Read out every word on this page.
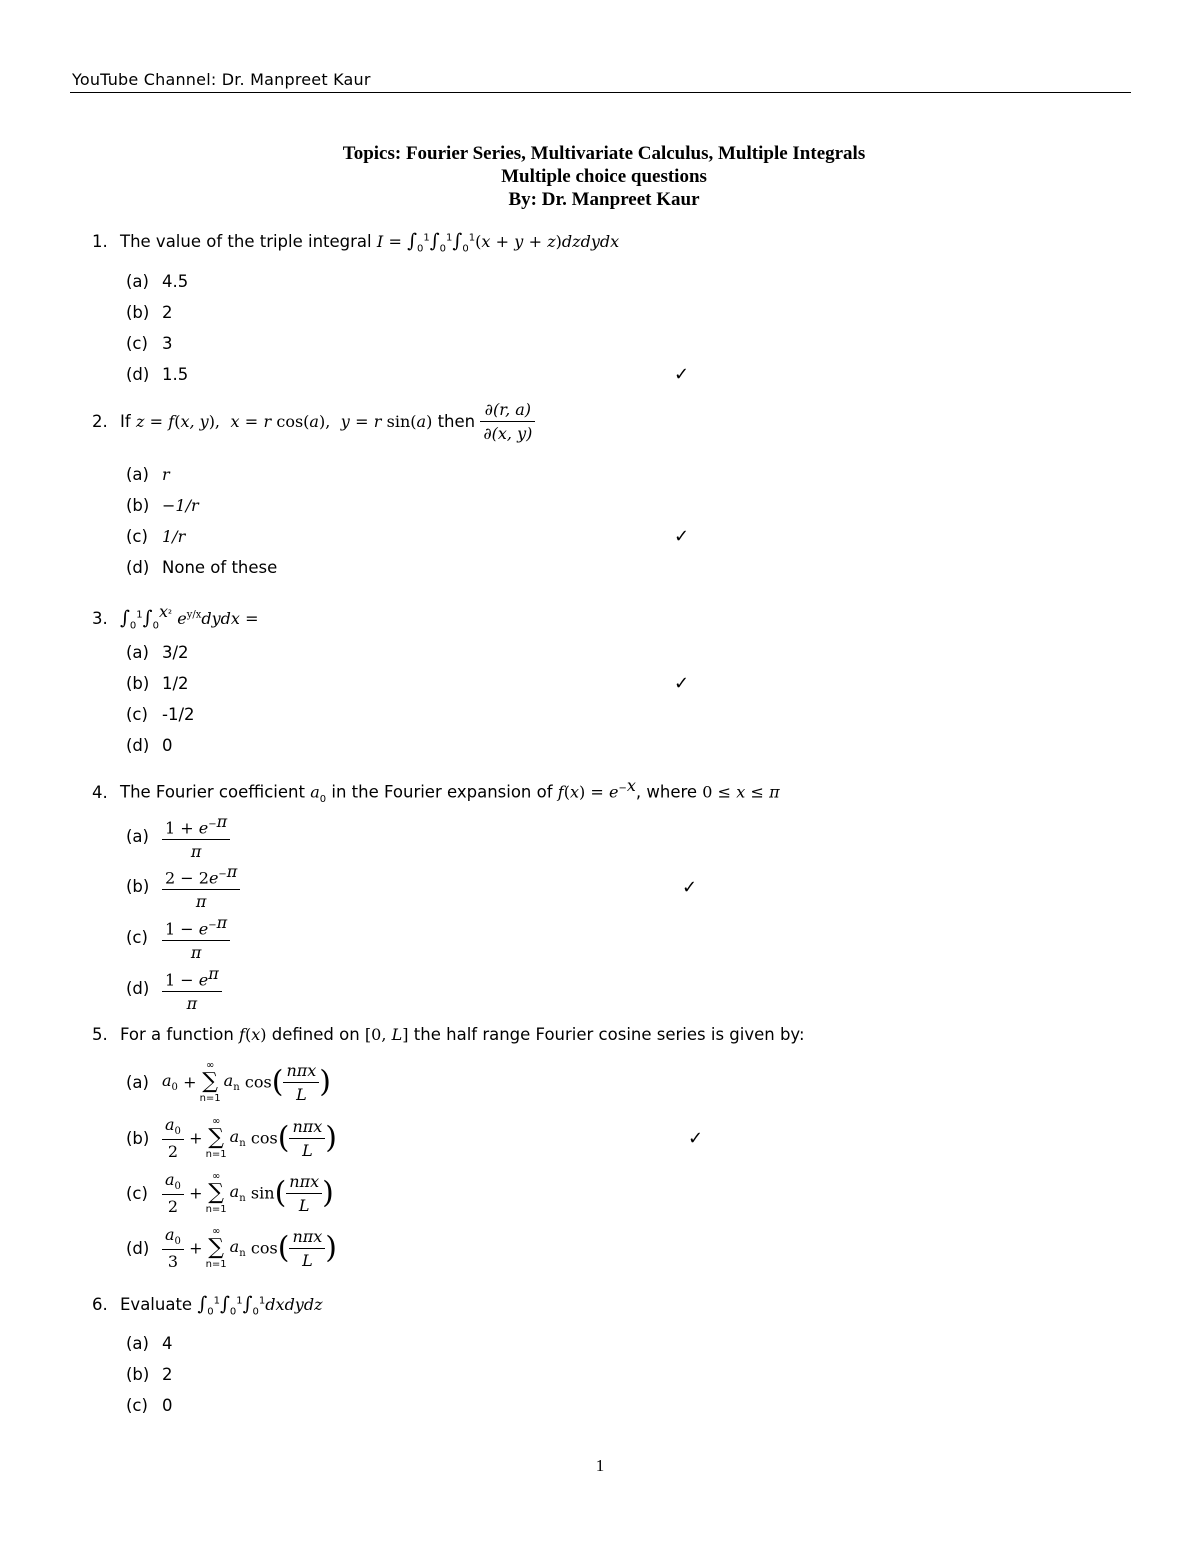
YouTube Channel: Dr. Manpreet Kaur
Topics: Fourier Series, Multivariate Calculus, Multiple Integrals
Multiple choice questions
By: Dr. Manpreet Kaur
1. The value of the triple integral $I = \int_0^1\int_0^1\int_0^1(x + y$ + z)dzdydx
(a) 4.5
(b) 2
(c) 3
(d) 1.5	✓
2. If z = f(x, y), x = r cos(a), y = r sin(a) then $\frac{\partial(r, a)}{\partial(x, y)}$
(a) r
(b) −1/r
(c) 1/r
(d) None of these
✓
3. $\int_0^1\int_0^{x^2}$ $e^{y/x}dydx$ =
(a) 3/2
(b) 1/2
(c) -1/2
(d) 0
✓
4. The Fourier coefficient $a_0$ in the Fourier expansion of $f(x) = e^{-x}$, where 0 ≤ x ≤ π
$(a) \frac{1 + e^{-\pi}}{\pi}$
$(b) \frac{2 - 2e^{-\pi}}{\pi}$
$(c) \frac{1 - e^{-\pi}}{\pi}$
$(d) \frac{1 - e^\pi}{\pi}$
✓
5. For a function f(x) defined on [0, L] the half range Fourier cosine series is given by:
(a) $a_0$ +
∞
∑
n=1
$a_n$ $\cos( \frac{\text{nπx}}{L}$ )
$(b) \frac{a_0}{2}$ +
∞
∑
n=1
$a_n$ $\cos( \frac{\text{nπx}}{L}$ )
$(c) \frac{a_0}{2}$ +
∞
∑
n=1
$a_n$ $\sin( \frac{\text{nπx}}{L}$ )
$(d) \frac{a_0}{3}$ +
∞
∑
n=1
$a_n$ $\cos( \frac{\text{nπx}}{L}$ )
✓
6. Evaluate $\int_0^1\int_0^1\int_0^1dxdydz$
(a) 4
(b) 2
(c) 0
1
